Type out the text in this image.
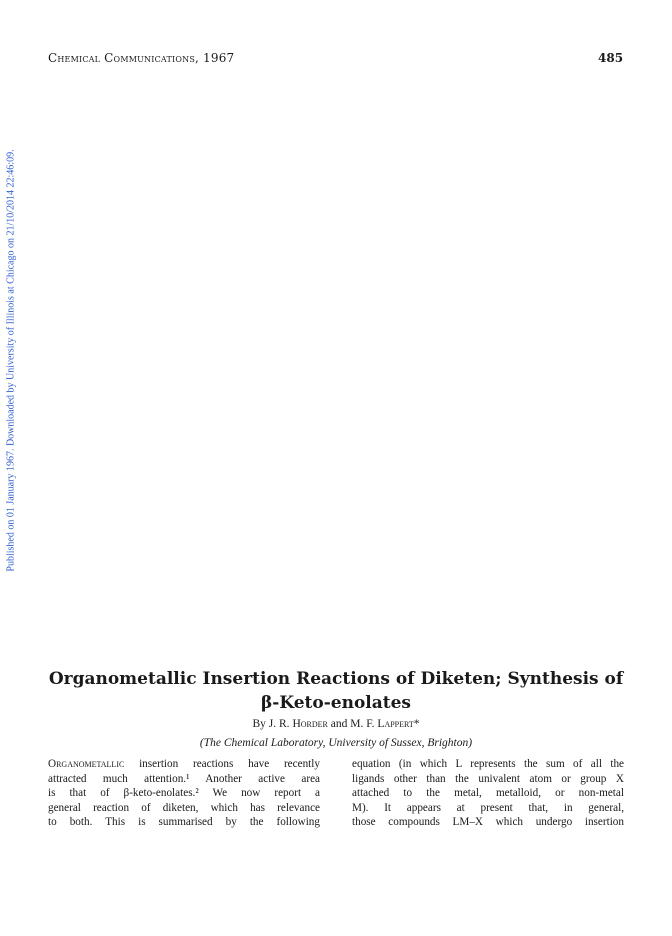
Chemical Communications, 1967	485
Published on 01 January 1967. Downloaded by University of Illinois at Chicago on 21/10/2014 22:46:09.
Organometallic Insertion Reactions of Diketen; Synthesis of
β-Keto-enolates
By J. R. Horder and M. F. Lappert*
(The Chemical Laboratory, University of Sussex, Brighton)
Organometallic insertion reactions have recently
attracted much attention.¹ Another active area
is that of β-keto-enolates.² We now report a
general reaction of diketen, which has relevance
to both. This is summarised by the following
equation (in which L represents the sum of all the
ligands other than the univalent atom or group X
attached to the metal, metalloid, or non-metal
M). It appears at present that, in general,
those compounds LM–X which undergo insertion
